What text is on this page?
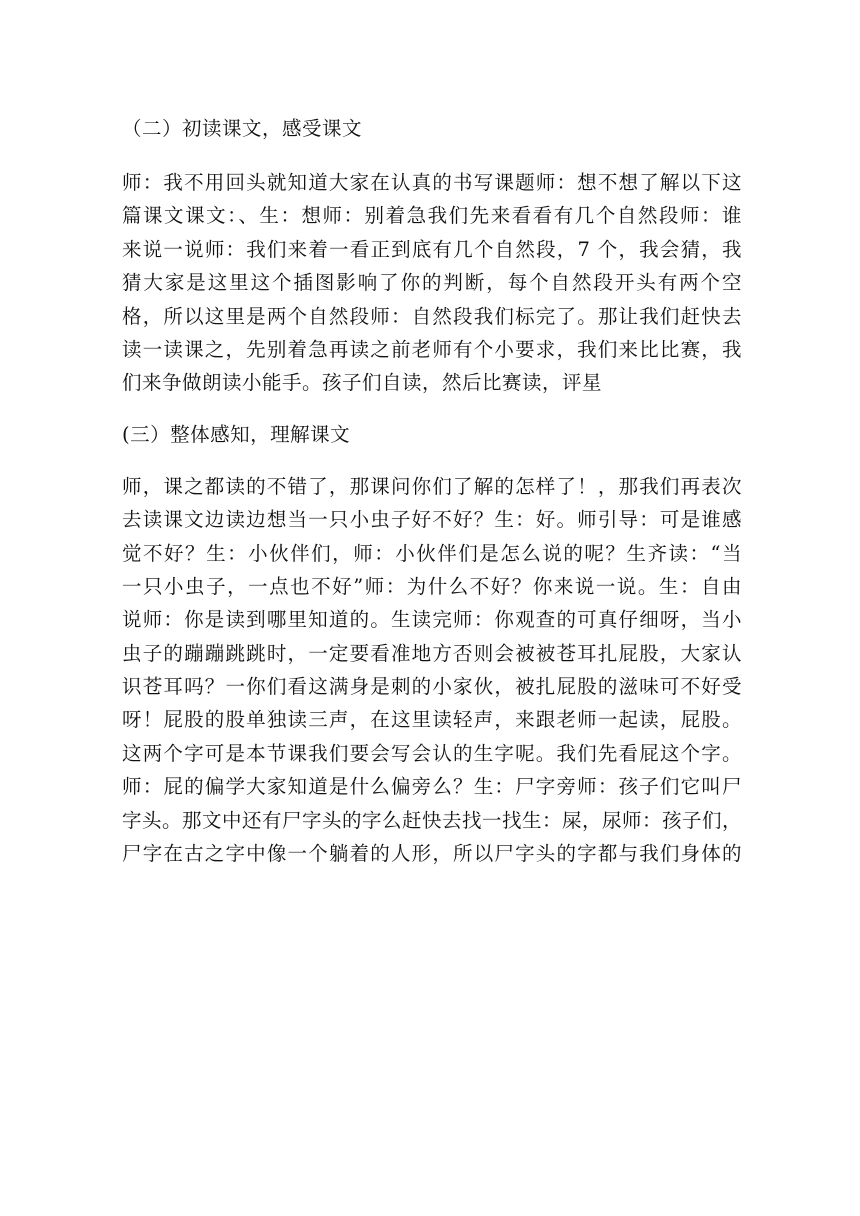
（二）初读课文，感受课文

师：我不用回头就知道大家在认真的书写课题师：想不想了解以下这
篇课文课文：、生：想师：别着急我们先来看看有几个自然段师：谁
来说一说师：我们来着一看正到底有几个自然段，7 个，我会猜，我
猜大家是这里这个插图影响了你的判断，每个自然段开头有两个空
格，所以这里是两个自然段师：自然段我们标完了。那让我们赶快去
读一读课之，先别着急再读之前老师有个小要求，我们来比比赛，我
们来争做朗读小能手。孩子们自读，然后比赛读，评星

(三）整体感知，理解课文

师，课之都读的不错了，那课问你们了解的怎样了！，那我们再表次
去读课文边读边想当一只小虫子好不好？生：好。师引导：可是谁感
觉不好？生：小伙伴们，师：小伙伴们是怎么说的呢？生齐读：“当
一只小虫子，一点也不好”师：为什么不好？你来说一说。生：自由
说师：你是读到哪里知道的。生读完师：你观查的可真仔细呀，当小
虫子的蹦蹦跳跳时，一定要看准地方否则会被被苍耳扎屁股，大家认
识苍耳吗？一你们看这满身是刺的小家伙，被扎屁股的滋味可不好受
呀！屁股的股单独读三声，在这里读轻声，来跟老师一起读，屁股。
这两个字可是本节课我们要会写会认的生字呢。我们先看屁这个字。
师：屁的偏学大家知道是什么偏旁么？生：尸字旁师：孩子们它叫尸
字头。那文中还有尸字头的字么赶快去找一找生：屎，尿师：孩子们，
尸字在古之字中像一个躺着的人形，所以尸字头的字都与我们身体的
